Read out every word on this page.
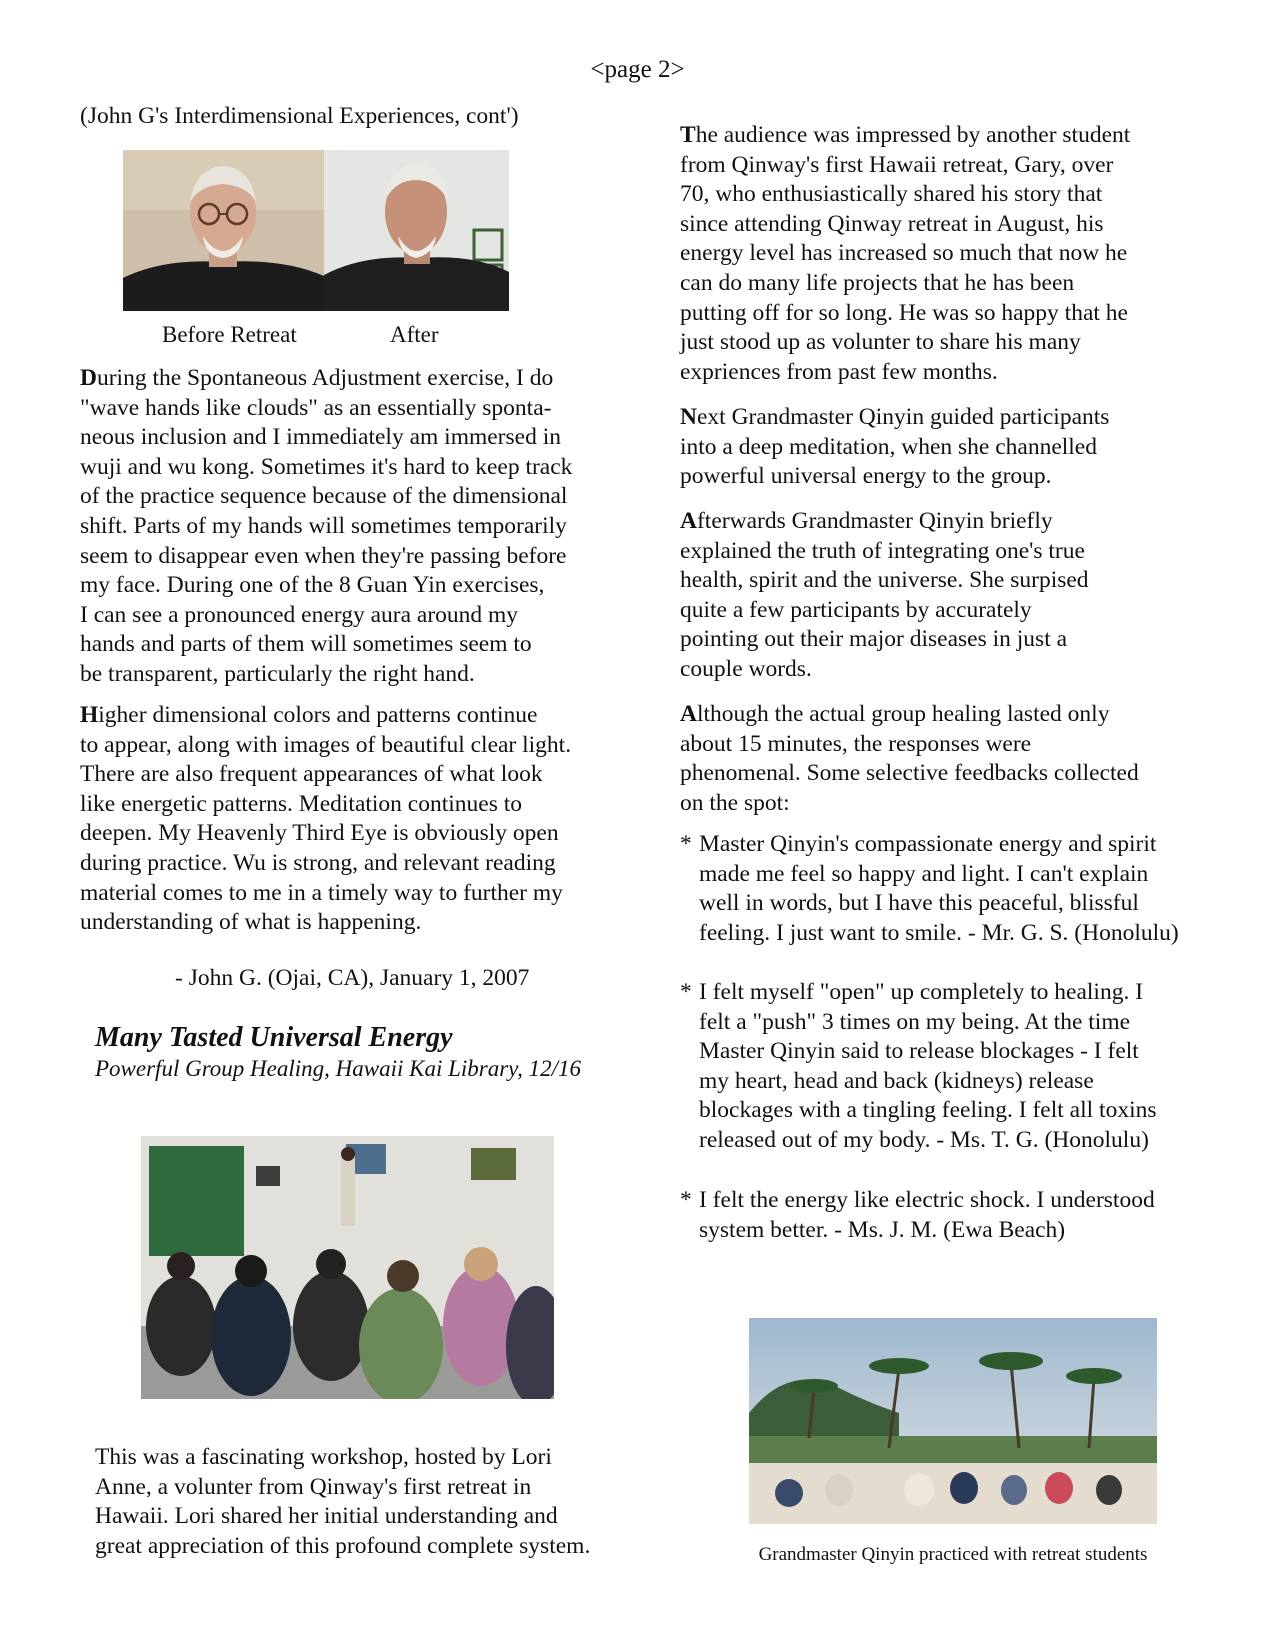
<page 2>
(John G's Interdimensional Experiences, cont')
Before Retreat	After

During the Spontaneous Adjustment exercise, I do

"wave hands like clouds" as an essentially sponta-

neous inclusion and I immediately am immersed in

wuji and wu kong. Sometimes it's hard to keep track

of the practice sequence because of the dimensional

shift. Parts of my hands will sometimes temporarily

seem to disappear even when they're passing before

my face. During one of the 8 Guan Yin exercises,

I can see a pronounced energy aura around my

hands and parts of them will sometimes seem to

be transparent, particularly the right hand.

Higher dimensional colors and patterns continue

to appear, along with images of beautiful clear light.

There are also frequent appearances of what look

like energetic patterns. Meditation continues to

deepen. My Heavenly Third Eye is obviously open

during practice. Wu is strong, and relevant reading

material comes to me in a timely way to further my

understanding of what is happening.

- John G. (Ojai, CA), January 1, 2007
Many Tasted Universal Energy
Powerful Group Healing, Hawaii Kai Library, 12/16

This was a fascinating workshop, hosted by Lori

Anne, a volunter from Qinway's first retreat in

Hawaii. Lori shared her initial understanding and

great appreciation of this profound complete system.

The audience was impressed by another student

from Qinway's first Hawaii retreat, Gary, over

70, who enthusiastically shared his story that

since attending Qinway retreat in August, his

energy level has increased so much that now he

can do many life projects that he has been

putting off for so long. He was so happy that he

just stood up as volunter to share his many

expriences from past few months.

Next Grandmaster Qinyin guided participants

into a deep meditation, when she channelled

powerful universal energy to the group.

Afterwards Grandmaster Qinyin briefly

explained the truth of integrating one's true

health, spirit and the universe. She surpised

quite a few participants by accurately

pointing out their major diseases in just a

couple words.

Although the actual group healing lasted only

about 15 minutes, the responses were

phenomenal. Some selective feedbacks collected

on the spot:

* Master Qinyin's compassionate energy and spirit

made me feel so happy and light. I can't explain

well in words, but I have this peaceful, blissful

feeling. I just want to smile. - Mr. G. S. (Honolulu)

* I felt myself "open" up completely to healing. I

felt a "push" 3 times on my being. At the time

Master Qinyin said to release blockages - I felt

my heart, head and back (kidneys) release

blockages with a tingling feeling. I felt all toxins

released out of my body. - Ms. T. G. (Honolulu)

* I felt the energy like electric shock. I understood

system better. - Ms. J. M. (Ewa Beach)

Grandmaster Qinyin practiced with retreat students
